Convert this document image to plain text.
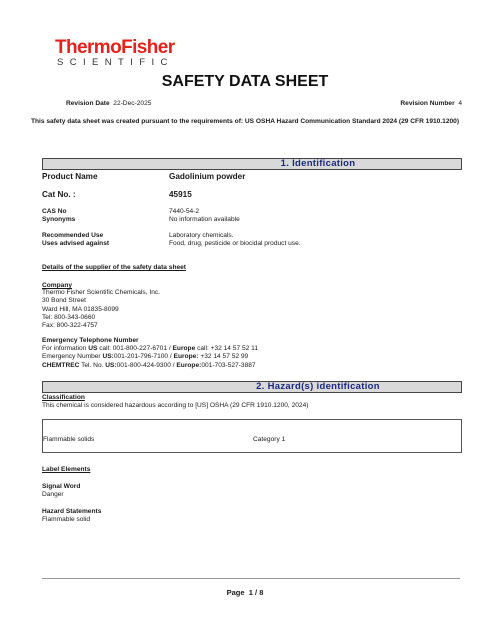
ThermoFisher
SCIENTIFIC
SAFETY DATA SHEET
Revision Date 22-Dec-2025	Revision Number 4
This safety data sheet was created pursuant to the requirements of: US OSHA Hazard Communication Standard 2024 (29 CFR 1910.1200)
1. Identification
Product Name	Gadolinium powder
Cat No. :	45915
CAS No	7440-54-2
Synonyms	No information available
Recommended Use	Laboratory chemicals.
Uses advised against	Food, drug, pesticide or biocidal product use.
Details of the supplier of the safety data sheet
Company
Thermo Fisher Scientific Chemicals, Inc.
30 Bond Street
Ward Hill, MA 01835-8099
Tel: 800-343-0660
Fax: 800-322-4757
Emergency Telephone Number
For information US call: 001-800-227-6701 / Europe call: +32 14 57 52 11
Emergency Number US:001-201-796-7100 / Europe: +32 14 57 52 99
CHEMTREC Tel. No. US:001-800-424-9300 / Europe:001-703-527-3887
2. Hazard(s) identification
Classification
This chemical is considered hazardous according to [US] OSHA (29 CFR 1910.1200, 2024)
Flammable solids	Category 1
Label Elements
Signal Word
Danger
Hazard Statements
Flammable solid
Page 1 / 8
